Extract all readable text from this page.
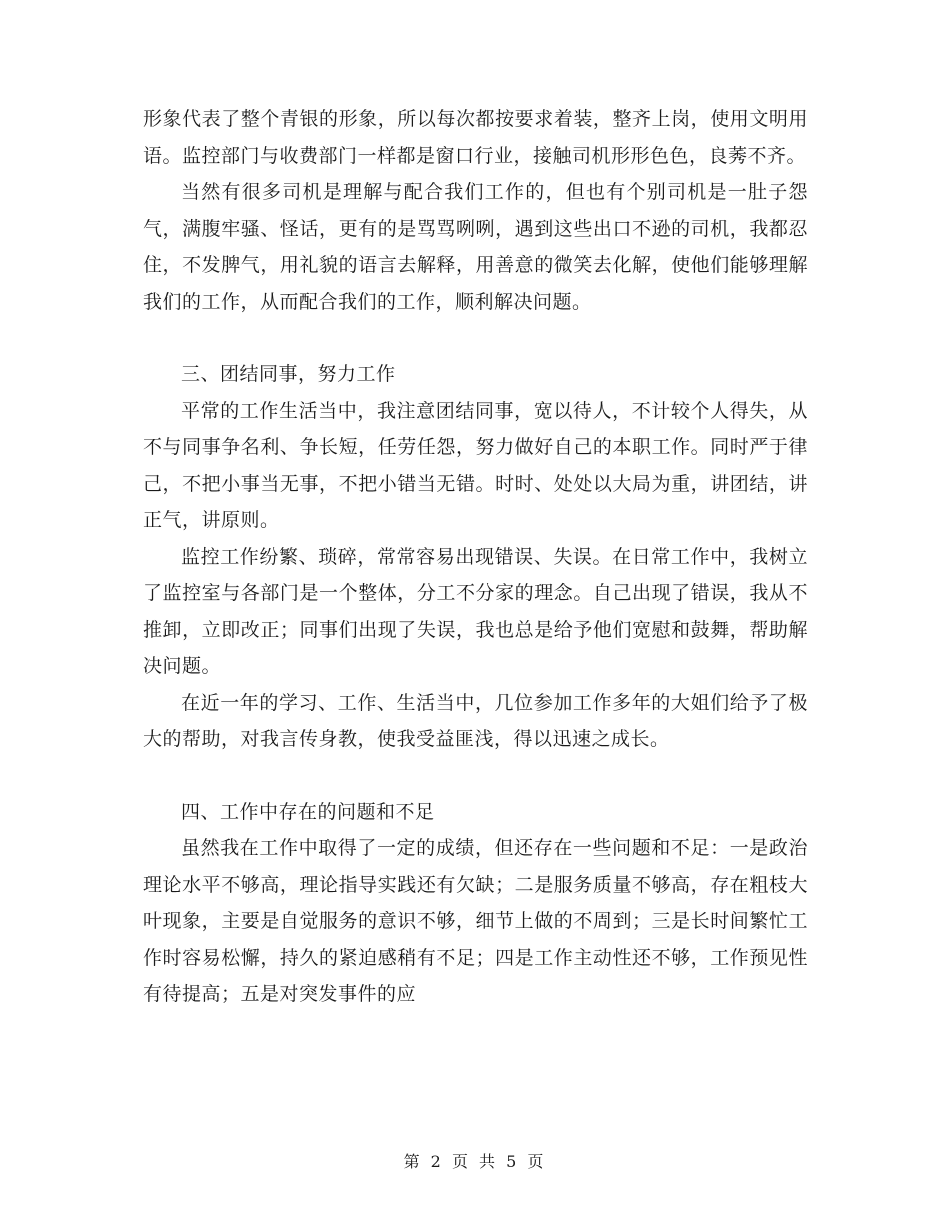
形象代表了整个青银的形象，所以每次都按要求着装，整齐上岗，使用文明用语。监控部门与收费部门一样都是窗口行业，接触司机形形色色，良莠不齐。

当然有很多司机是理解与配合我们工作的，但也有个别司机是一肚子怨气，满腹牢骚、怪话，更有的是骂骂咧咧，遇到这些出口不逊的司机，我都忍住，不发脾气，用礼貌的语言去解释，用善意的微笑去化解，使他们能够理解我们的工作，从而配合我们的工作，顺利解决问题。

三、团结同事，努力工作

平常的工作生活当中，我注意团结同事，宽以待人，不计较个人得失，从不与同事争名利、争长短，任劳任怨，努力做好自己的本职工作。同时严于律己，不把小事当无事，不把小错当无错。时时、处处以大局为重，讲团结，讲正气，讲原则。

监控工作纷繁、琐碎，常常容易出现错误、失误。在日常工作中，我树立了监控室与各部门是一个整体，分工不分家的理念。自己出现了错误，我从不推卸，立即改正；同事们出现了失误，我也总是给予他们宽慰和鼓舞，帮助解决问题。

在近一年的学习、工作、生活当中，几位参加工作多年的大姐们给予了极大的帮助，对我言传身教，使我受益匪浅，得以迅速之成长。

四、工作中存在的问题和不足

虽然我在工作中取得了一定的成绩，但还存在一些问题和不足：一是政治理论水平不够高，理论指导实践还有欠缺；二是服务质量不够高，存在粗枝大叶现象，主要是自觉服务的意识不够，细节上做的不周到；三是长时间繁忙工作时容易松懈，持久的紧迫感稍有不足；四是工作主动性还不够，工作预见性有待提高；五是对突发事件的应

第 2 页 共 5 页
